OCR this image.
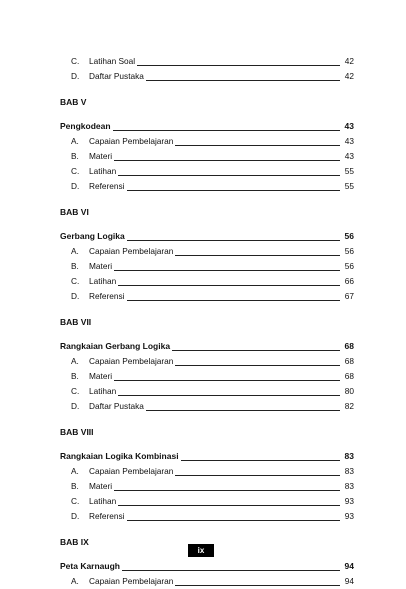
C. Latihan Soal	42
D. Daftar Pustaka	42
BAB V
Pengkodean	43
A. Capaian Pembelajaran	43
B. Materi	43
C. Latihan	55
D. Referensi	55
BAB VI
Gerbang Logika	56
A. Capaian Pembelajaran	56
B. Materi	56
C. Latihan	66
D. Referensi	67
BAB VII
Rangkaian Gerbang Logika	68
A. Capaian Pembelajaran	68
B. Materi	68
C. Latihan	80
D. Daftar Pustaka	82
BAB VIII
Rangkaian Logika Kombinasi	83
A. Capaian Pembelajaran	83
B. Materi	83
C. Latihan	93
D. Referensi	93
BAB IX
Peta Karnaugh	94
A. Capaian Pembelajaran	94
ix
